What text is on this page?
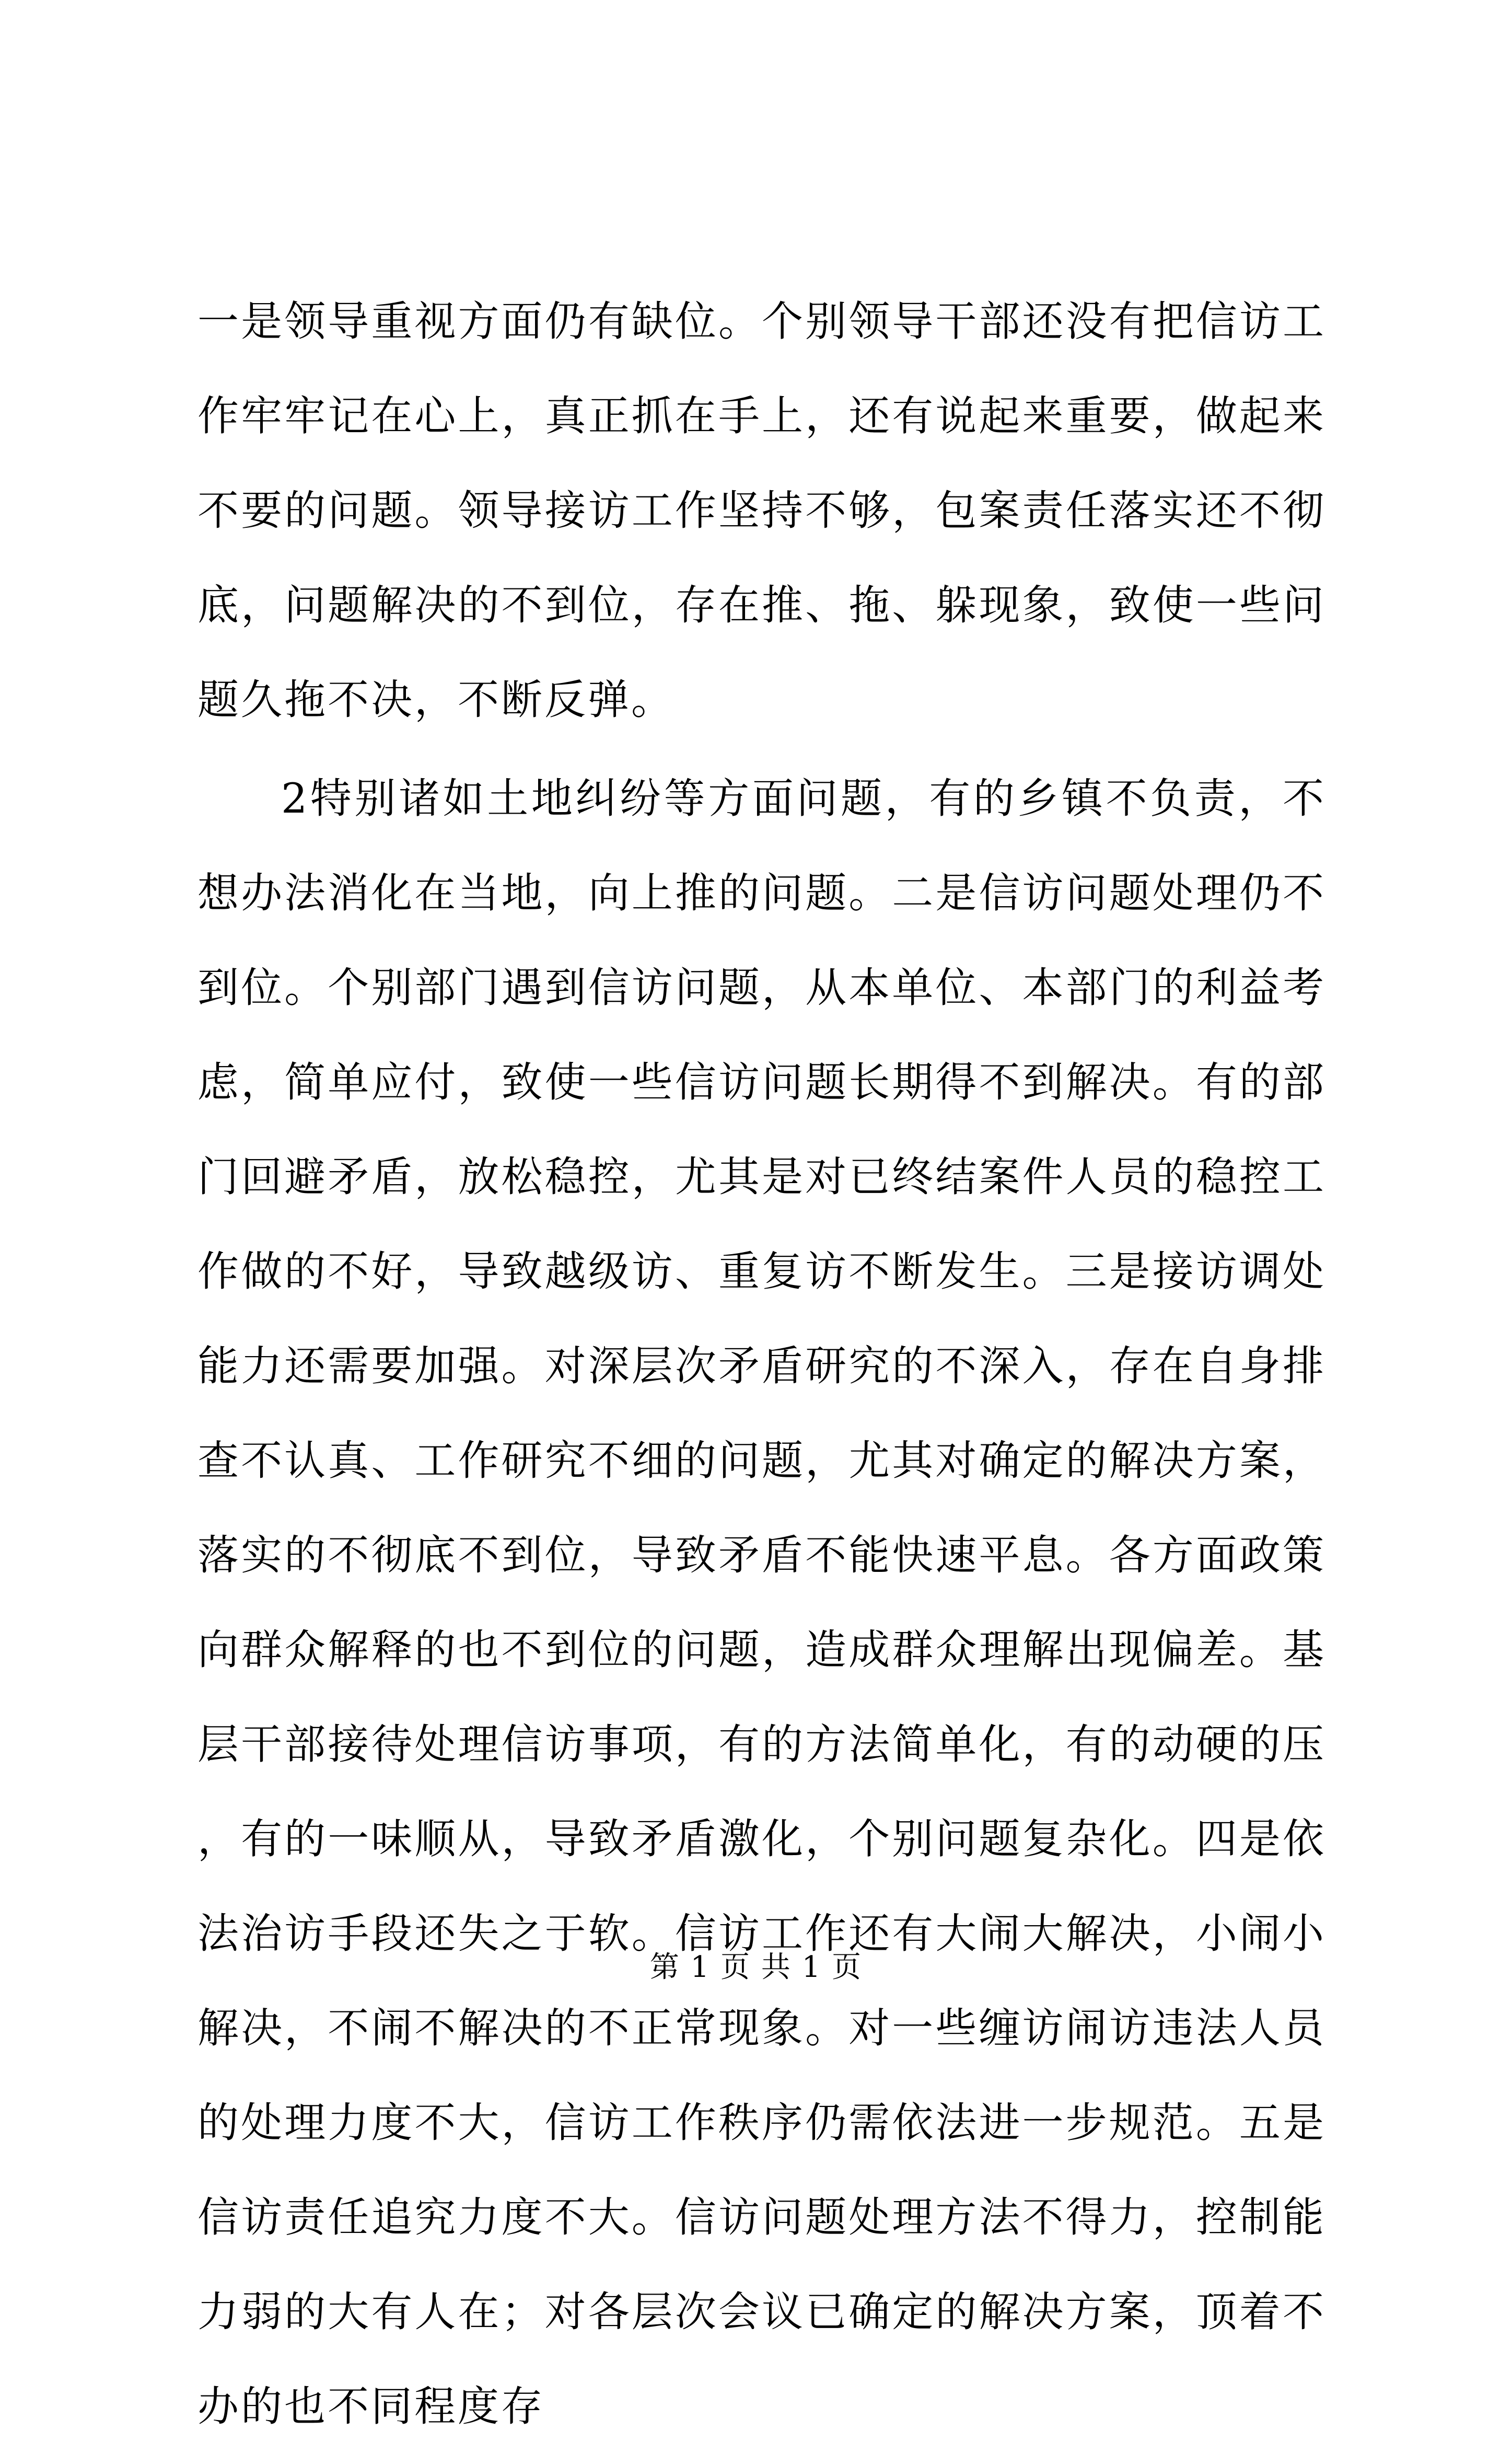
一是领导重视方面仍有缺位。个别领导干部还没有把信访工作牢牢记在心上，真正抓在手上，还有说起来重要，做起来不要的问题。领导接访工作坚持不够，包案责任落实还不彻底，问题解决的不到位，存在推、拖、躲现象，致使一些问题久拖不决，不断反弹。

2特别诸如土地纠纷等方面问题，有的乡镇不负责，不想办法消化在当地，向上推的问题。二是信访问题处理仍不到位。个别部门遇到信访问题，从本单位、本部门的利益考虑，简单应付，致使一些信访问题长期得不到解决。有的部门回避矛盾，放松稳控，尤其是对已终结案件人员的稳控工作做的不好，导致越级访、重复访不断发生。三是接访调处能力还需要加强。对深层次矛盾研究的不深入，存在自身排查不认真、工作研究不细的问题，尤其对确定的解决方案，落实的不彻底不到位，导致矛盾不能快速平息。各方面政策向群众解释的也不到位的问题，造成群众理解出现偏差。基层干部接待处理信访事项，有的方法简单化，有的动硬的压，有的一味顺从，导致矛盾激化，个别问题复杂化。四是依法治访手段还失之于软。信访工作还有大闹大解决，小闹小解决，不闹不解决的不正常现象。对一些缠访闹访违法人员的处理力度不大，信访工作秩序仍需依法进一步规范。五是信访责任追究力度不大。信访问题处理方法不得力，控制能力弱的大有人在；对各层次会议已确定的解决方案，顶着不办的也不同程度存

第 1 页 共 1 页
